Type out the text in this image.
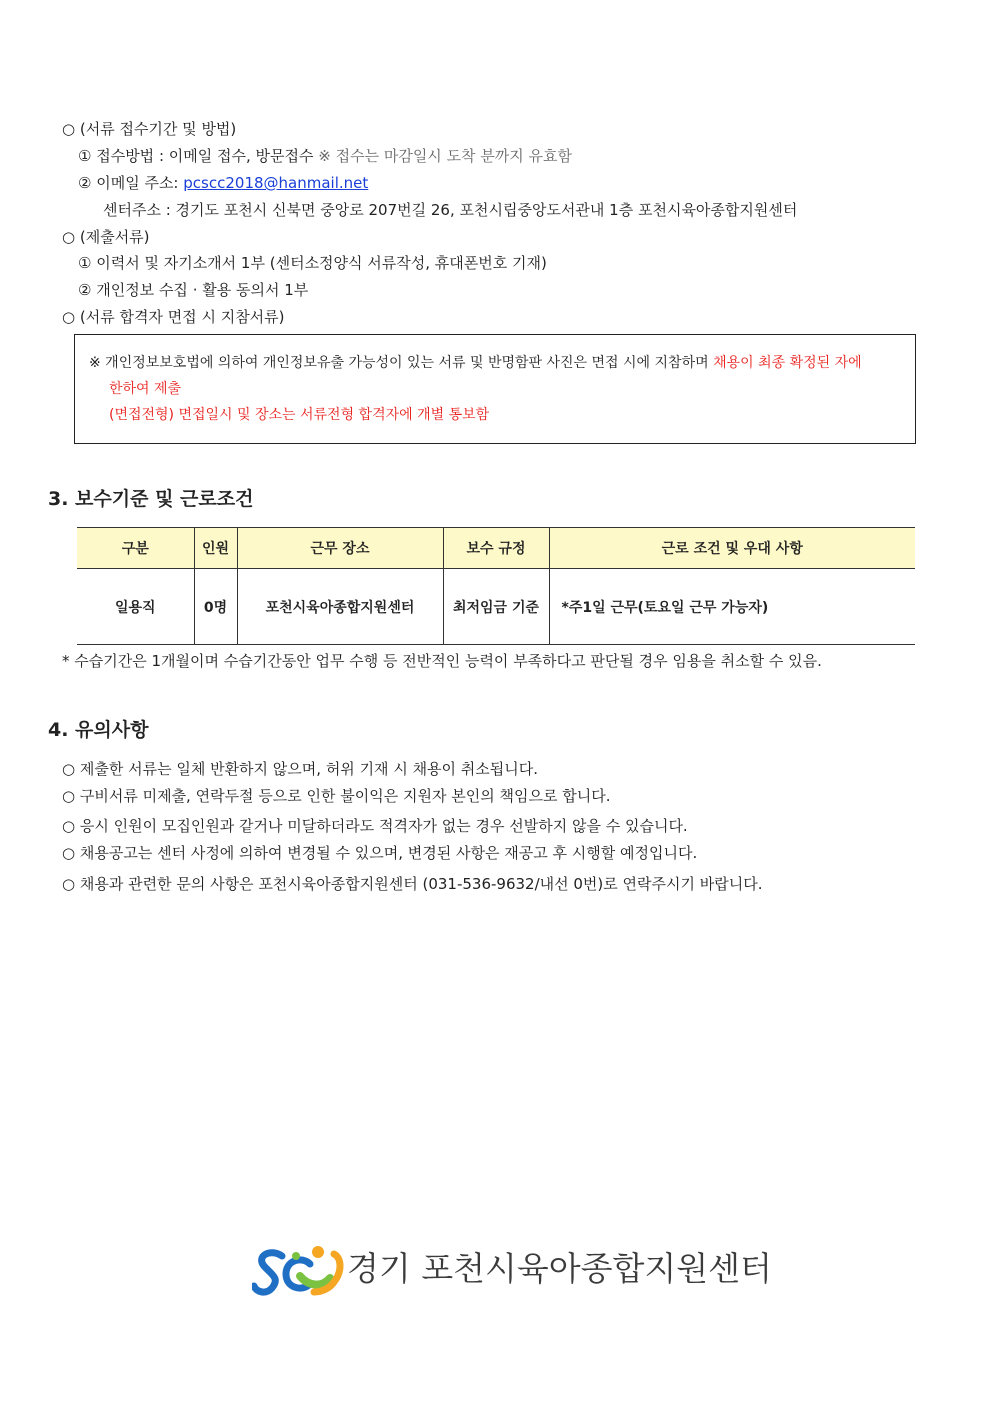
○ (서류 접수기간 및 방법)
① 접수방법 : 이메일 접수, 방문접수 ※ 접수는 마감일시 도착 분까지 유효함
② 이메일 주소: pcscc2018@hanmail.net
센터주소 : 경기도 포천시 신북면 중앙로 207번길 26, 포천시립중앙도서관내 1층 포천시육아종합지원센터
○ (제출서류)
① 이력서 및 자기소개서 1부 (센터소정양식 서류작성, 휴대폰번호 기재)
② 개인정보 수집 · 활용 동의서 1부
○ (서류 합격자 면접 시 지참서류)
※ 개인정보보호법에 의하여 개인정보유출 가능성이 있는 서류 및 반명함판 사진은 면접 시에 지참하며 채용이 최종 확정된 자에
한하여 제출
(면접전형) 면접일시 및 장소는 서류전형 합격자에 개별 통보함
3. 보수기준 및 근로조건
구분	인원	근무 장소	보수 규정	근로 조건 및 우대 사항
일용직	0명	포천시육아종합지원센터	최저임금 기준	*주1일 근무(토요일 근무 가능자)
* 수습기간은 1개월이며 수습기간동안 업무 수행 등 전반적인 능력이 부족하다고 판단될 경우 임용을 취소할 수 있음.
4. 유의사항
○ 제출한 서류는 일체 반환하지 않으며, 허위 기재 시 채용이 취소됩니다.
○ 구비서류 미제출, 연락두절 등으로 인한 불이익은 지원자 본인의 책임으로 합니다.
○ 응시 인원이 모집인원과 같거나 미달하더라도 적격자가 없는 경우 선발하지 않을 수 있습니다.
○ 채용공고는 센터 사정에 의하여 변경될 수 있으며, 변경된 사항은 재공고 후 시행할 예정입니다.
○ 채용과 관련한 문의 사항은 포천시육아종합지원센터 (031-536-9632/내선 0번)로 연락주시기 바랍니다.
경기 포천시육아종합지원센터
